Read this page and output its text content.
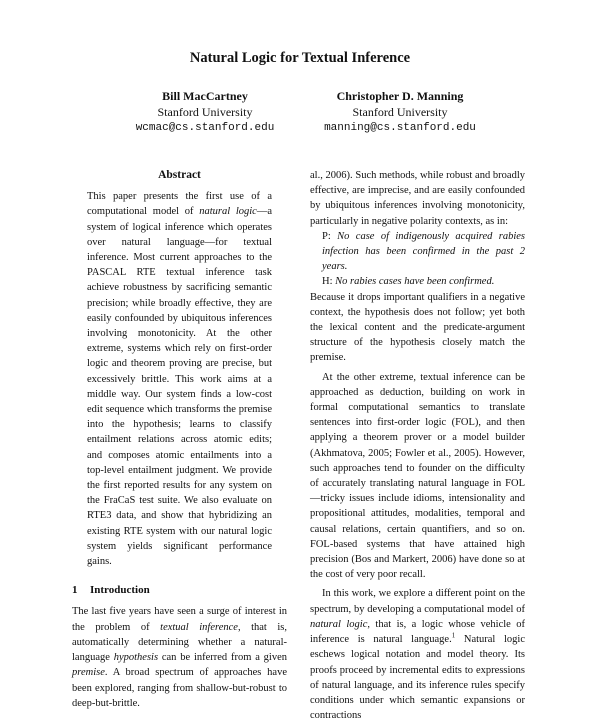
Natural Logic for Textual Inference
Bill MacCartney
Stanford University
wcmac@cs.stanford.edu
Christopher D. Manning
Stanford University
manning@cs.stanford.edu
Abstract

This paper presents the first use of a computational model of natural logic—a system of logical inference which operates over natural language—for textual inference. Most current approaches to the PASCAL RTE textual inference task achieve robustness by sacrificing semantic precision; while broadly effective, they are easily confounded by ubiquitous inferences involving monotonicity. At the other extreme, systems which rely on first-order logic and theorem proving are precise, but excessively brittle. This work aims at a middle way. Our system finds a low-cost edit sequence which transforms the premise into the hypothesis; learns to classify entailment relations across atomic edits; and composes atomic entailments into a top-level entailment judgment. We provide the first reported results for any system on the FraCaS test suite. We also evaluate on RTE3 data, and show that hybridizing an existing RTE system with our natural logic system yields significant performance gains.

1 Introduction

The last five years have seen a surge of interest in the problem of textual inference, that is, automatically determining whether a natural-language hypothesis can be inferred from a given premise. A broad spectrum of approaches have been explored, ranging from shallow-but-robust to deep-but-brittle.

al., 2006). Such methods, while robust and broadly effective, are imprecise, and are easily confounded by ubiquitous inferences involving monotonicity, particularly in negative polarity contexts, as in:

P: No case of indigenously acquired rabies infection has been confirmed in the past 2 years.

H: No rabies cases have been confirmed.

Because it drops important qualifiers in a negative context, the hypothesis does not follow; yet both the lexical content and the predicate-argument structure of the hypothesis closely match the premise.

At the other extreme, textual inference can be approached as deduction, building on work in formal computational semantics to translate sentences into first-order logic (FOL), and then applying a theorem prover or a model builder (Akhmatova, 2005; Fowler et al., 2005). However, such approaches tend to founder on the difficulty of accurately translating natural language in FOL—tricky issues include idioms, intensionality and propositional attitudes, modalities, temporal and causal relations, certain quantifiers, and so on. FOL-based systems that have attained high precision (Bos and Markert, 2006) have done so at the cost of very poor recall.

In this work, we explore a different point on the spectrum, by developing a computational model of natural logic, that is, a logic whose vehicle of inference is natural language.$^1$ Natural logic eschews logical notation and model theory. Its proofs proceed by incremental edits to expressions of natural language, and its inference rules specify conditions under which semantic expansions or contractions
